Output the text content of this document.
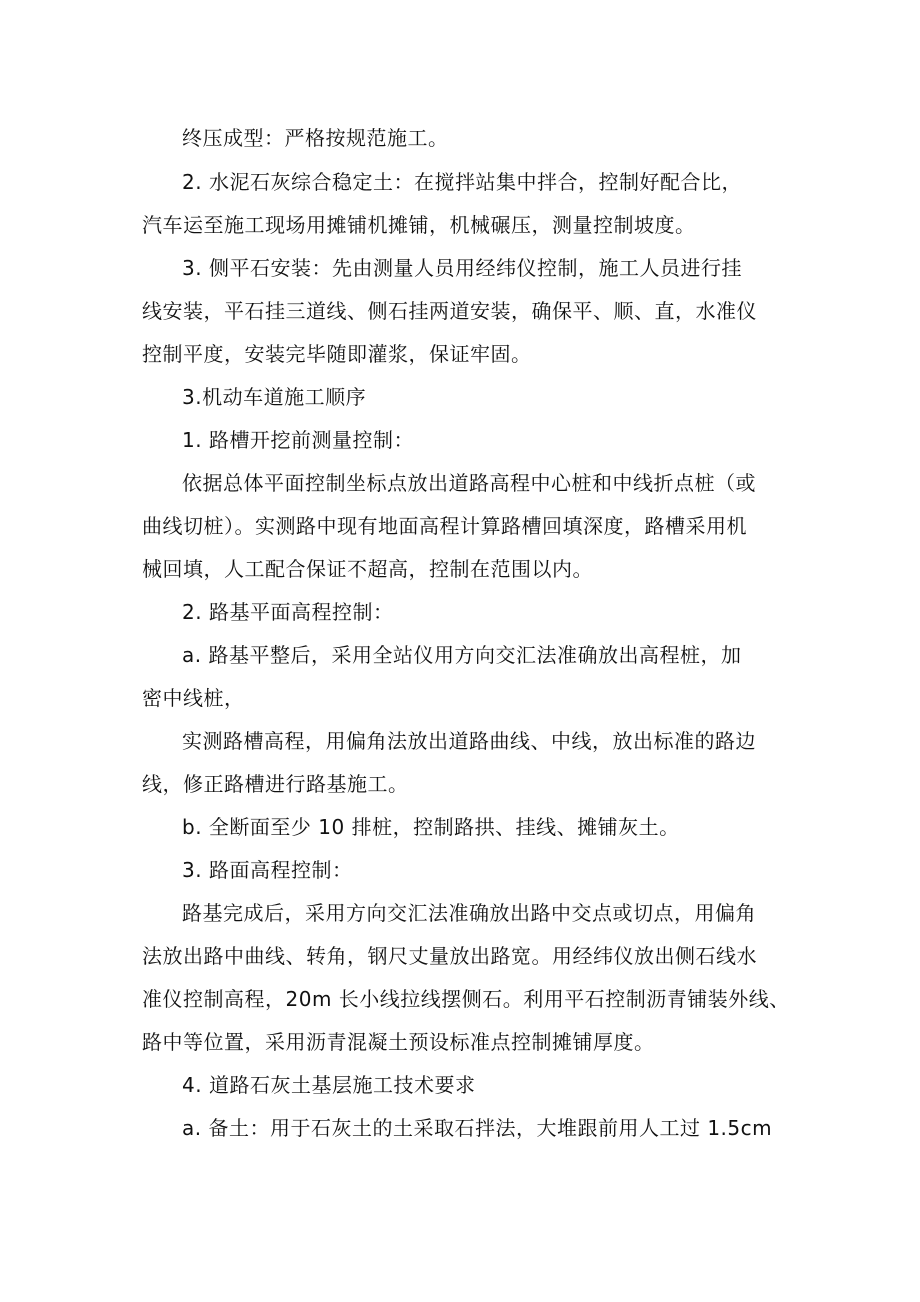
终压成型：严格按规范施工。
2. 水泥石灰综合稳定土：在搅拌站集中拌合，控制好配合比，
汽车运至施工现场用摊铺机摊铺，机械碾压，测量控制坡度。
3. 侧平石安装：先由测量人员用经纬仪控制，施工人员进行挂
线安装，平石挂三道线、侧石挂两道安装，确保平、顺、直，水准仪
控制平度，安装完毕随即灌浆，保证牢固。
3.机动车道施工顺序
1. 路槽开挖前测量控制：
依据总体平面控制坐标点放出道路高程中心桩和中线折点桩（或
曲线切桩）。实测路中现有地面高程计算路槽回填深度，路槽采用机
械回填，人工配合保证不超高，控制在范围以内。
2. 路基平面高程控制：
a. 路基平整后，采用全站仪用方向交汇法准确放出高程桩，加
密中线桩，
实测路槽高程，用偏角法放出道路曲线、中线，放出标准的路边
线，修正路槽进行路基施工。
b. 全断面至少 10 排桩，控制路拱、挂线、摊铺灰土。
3. 路面高程控制：
路基完成后，采用方向交汇法准确放出路中交点或切点，用偏角
法放出路中曲线、转角，钢尺丈量放出路宽。用经纬仪放出侧石线水
准仪控制高程，20m 长小线拉线摆侧石。利用平石控制沥青铺装外线、
路中等位置，采用沥青混凝土预设标准点控制摊铺厚度。
4. 道路石灰土基层施工技术要求
a. 备土：用于石灰土的土采取石拌法，大堆跟前用人工过 1.5cm
